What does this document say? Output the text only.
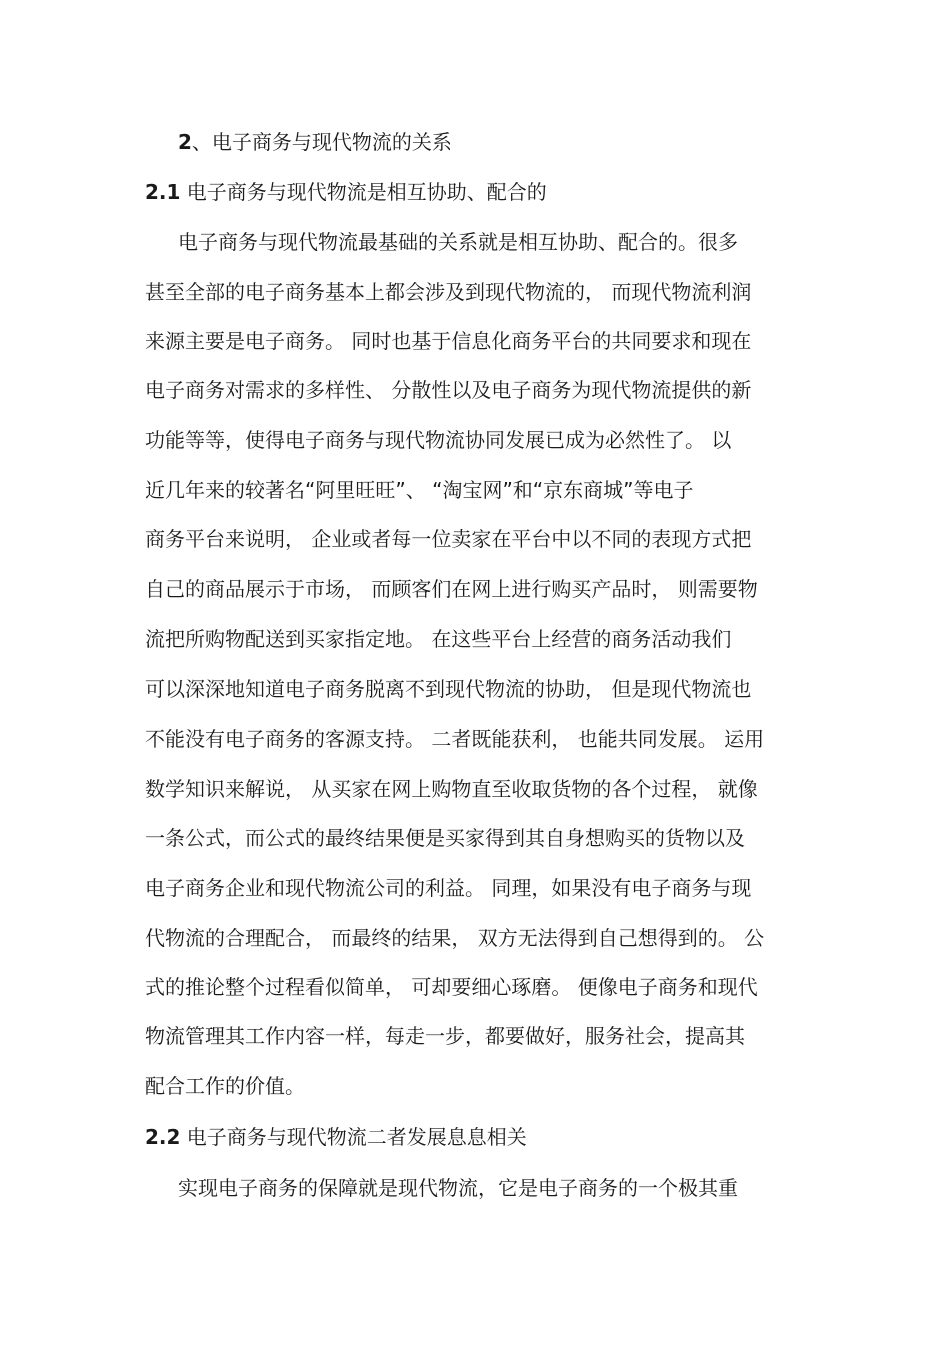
2、电子商务与现代物流的关系
2.1 电子商务与现代物流是相互协助、配合的
电子商务与现代物流最基础的关系就是相互协助、配合的。很多
甚至全部的电子商务基本上都会涉及到现代物流的， 而现代物流利润
来源主要是电子商务。 同时也基于信息化商务平台的共同要求和现在
电子商务对需求的多样性、 分散性以及电子商务为现代物流提供的新
功能等等，使得电子商务与现代物流协同发展已成为必然性了。 以
近几年来的较著名“阿里旺旺”、 “淘宝网”和“京东商城”等电子
商务平台来说明， 企业或者每一位卖家在平台中以不同的表现方式把
自己的商品展示于市场， 而顾客们在网上进行购买产品时， 则需要物
流把所购物配送到买家指定地。 在这些平台上经营的商务活动我们
可以深深地知道电子商务脱离不到现代物流的协助， 但是现代物流也
不能没有电子商务的客源支持。 二者既能获利， 也能共同发展。 运用
数学知识来解说， 从买家在网上购物直至收取货物的各个过程， 就像
一条公式，而公式的最终结果便是买家得到其自身想购买的货物以及
电子商务企业和现代物流公司的利益。 同理，如果没有电子商务与现
代物流的合理配合， 而最终的结果， 双方无法得到自己想得到的。 公
式的推论整个过程看似简单， 可却要细心琢磨。 便像电子商务和现代
物流管理其工作内容一样，每走一步，都要做好，服务社会，提高其
配合工作的价值。
2.2 电子商务与现代物流二者发展息息相关
实现电子商务的保障就是现代物流，它是电子商务的一个极其重
